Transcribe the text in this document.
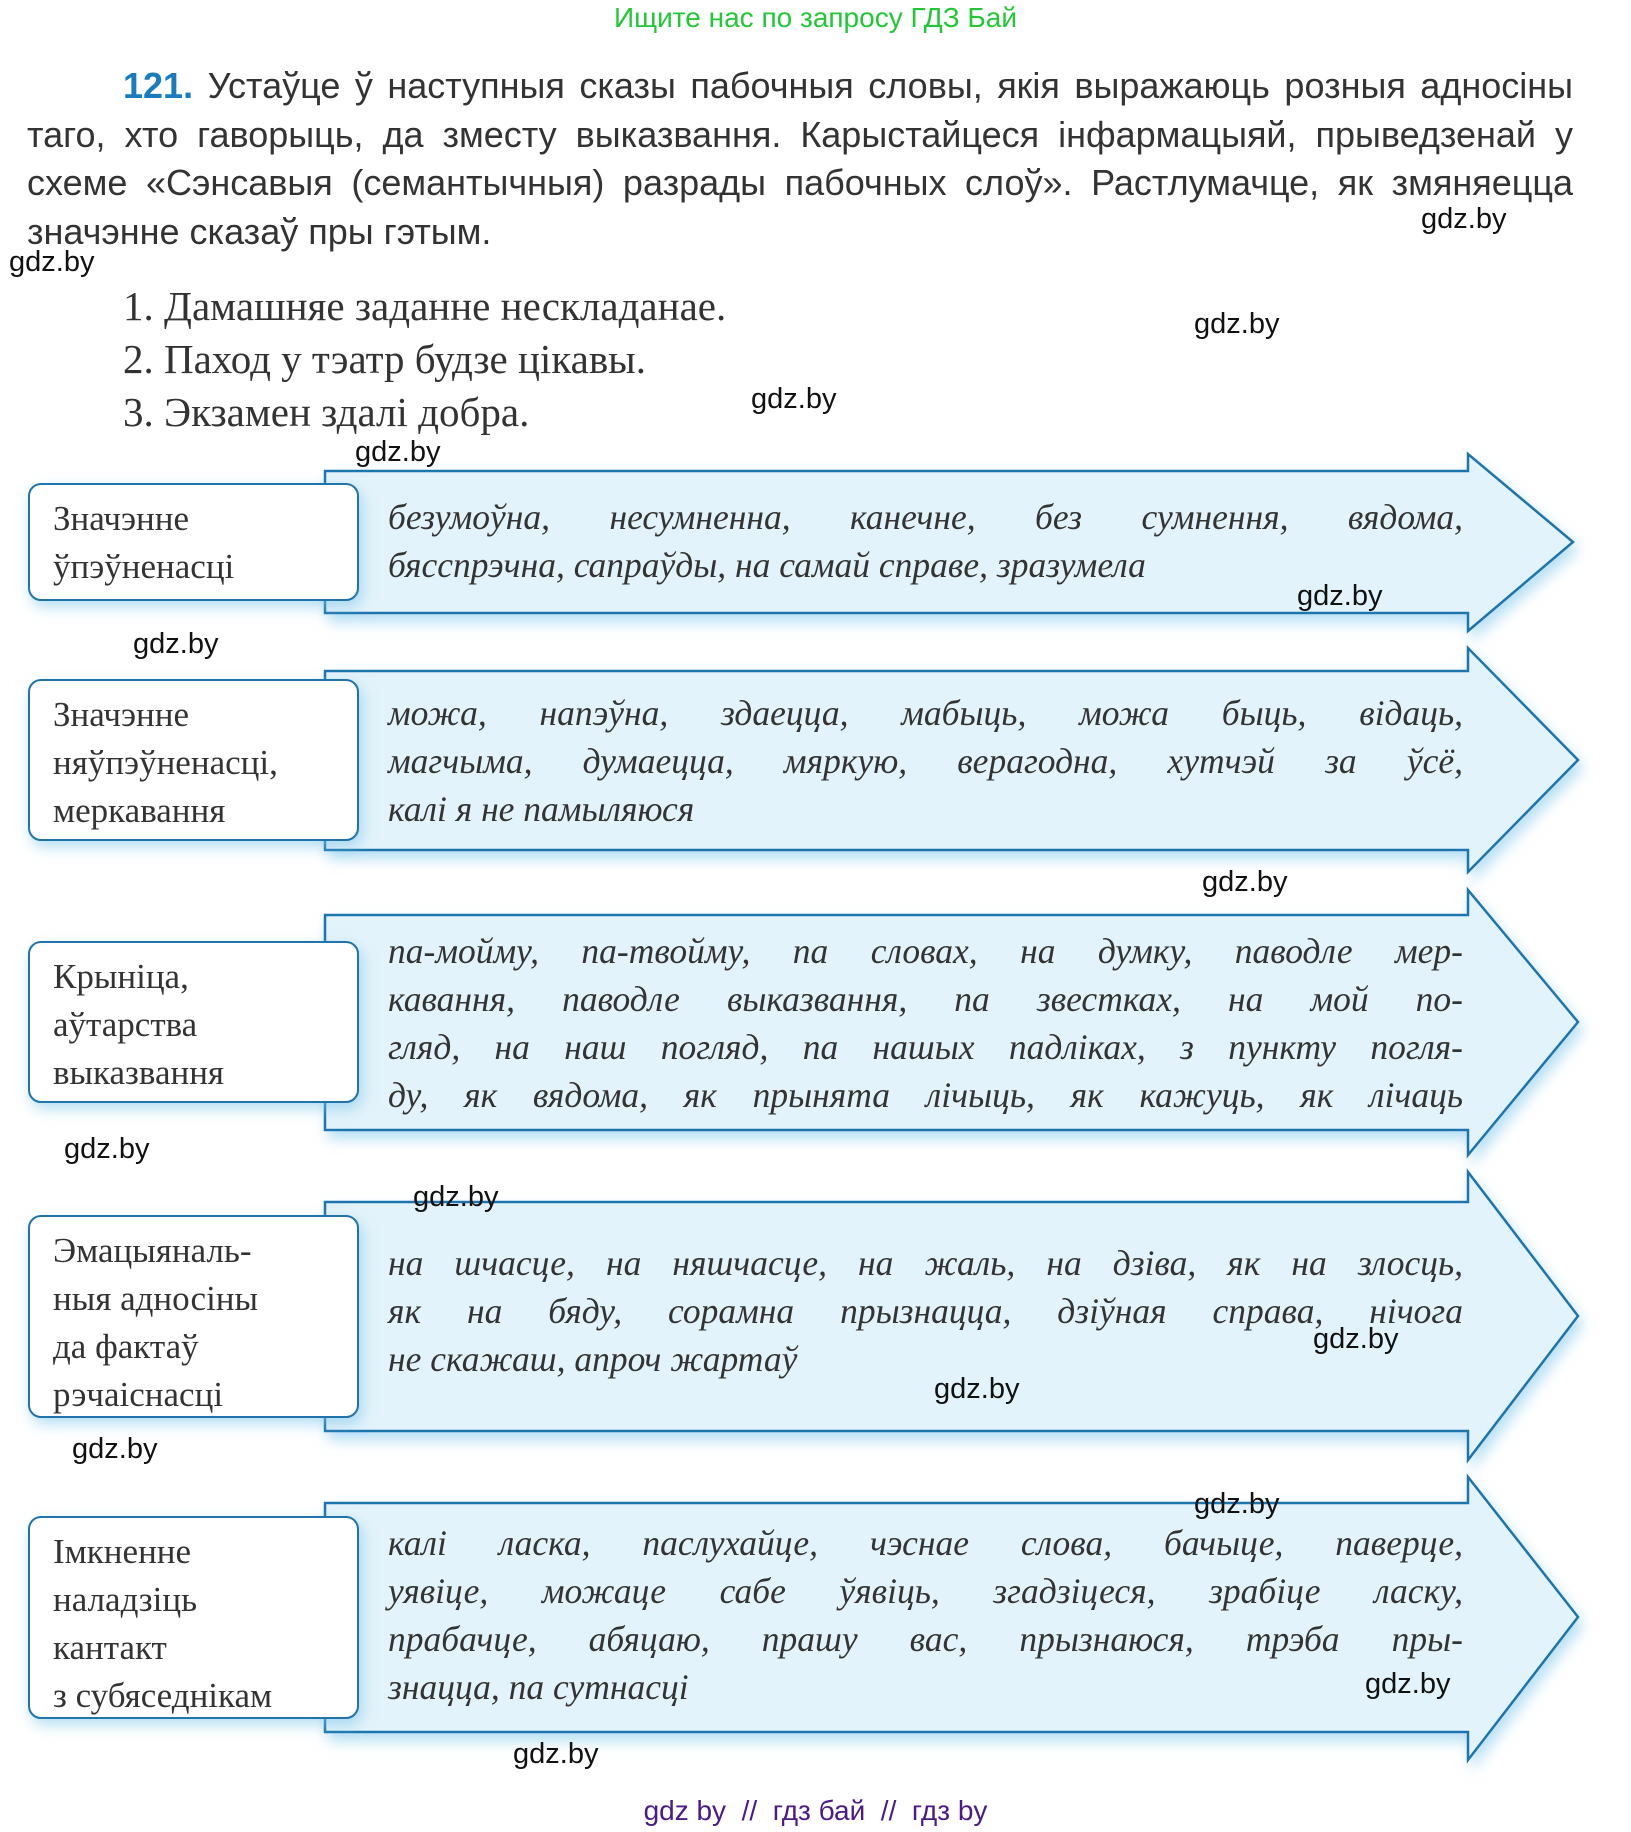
Ищите нас по запросу ГДЗ Бай
121. Устаўце ў наступныя сказы пабочныя словы, якія выражаюць розныя адносіны таго, хто гаворыць, да зместу выказвання. Карыстайцеся інфармацыяй, прыведзенай у схеме «Сэнсавыя (семантычныя) разрады пабочных слоў». Растлумачце, як змяняецца значэнне сказаў пры гэтым.
1. Дамашняе заданне нескладанае.
2. Паход у тэатр будзе цікавы.
3. Экзамен здалі добра.
Значэнне
ўпэўненасці
безумоўна, несумненна, канечне, без сумнення, вядома,
бясспрэчна, сапраўды, на самай справе, зразумела
Значэнне
няўпэўненасці,
меркавання
можа, напэўна, здаецца, мабыць, можа быць, відаць,
магчыма, думаецца, мяркую, верагодна, хутчэй за ўсё,
калі я не памыляюся
Крыніца,
аўтарства
выказвання
па-мойму, па-твойму, па словах, на думку, паводле мер-
кавання, паводле выказвання, па звестках, на мой по-
гляд, на наш погляд, па нашых падліках, з пункту погля-
ду, як вядома, як прынята лічыць, як кажуць, як лічаць
Эмацыяналь-
ныя адносіны
да фактаў
рэчаіснасці
на шчасце, на няшчасце, на жаль, на дзіва, як на злосць,
як на бяду, сорамна прызнацца, дзіўная справа, нічога
не скажаш, апроч жартаў
Імкненне
наладзіць
кантакт
з субяседнікам
калі ласка, паслухайце, чэснае слова, бачыце, паверце,
уявіце, можаце сабе ўявіць, згадзіцеся, зрабіце ласку,
прабачце, абяцаю, прашу вас, прызнаюся, трэба пры-
знацца, па сутнасці
gdz.by
gdz.by
gdz.by
gdz.by
gdz.by
gdz.by
gdz.by
gdz.by
gdz.by
gdz.by
gdz.by
gdz.by
gdz.by
gdz.by
gdz.by
gdz.by
gdz by  //  гдз бай  //  гдз by
